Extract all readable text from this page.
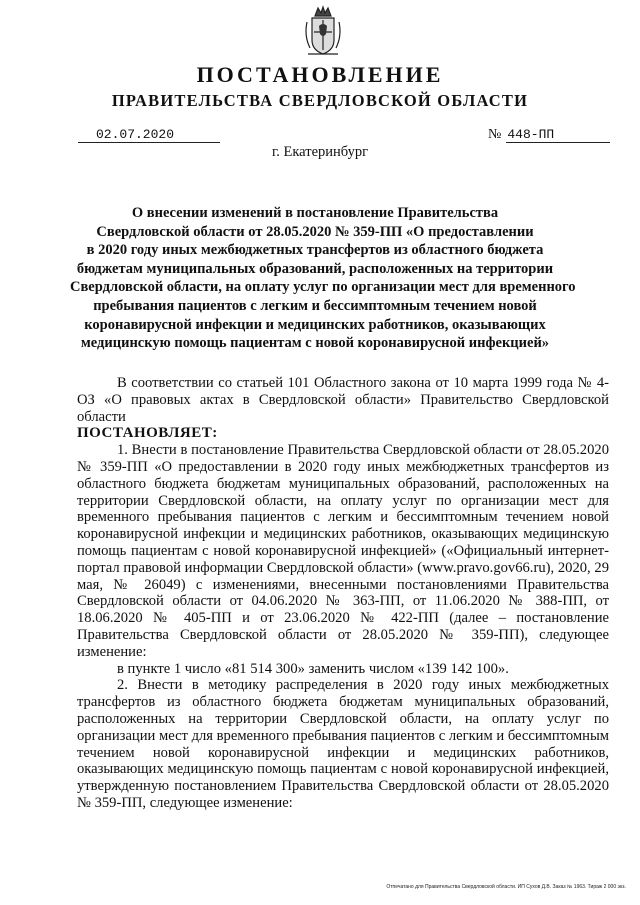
ПОСТАНОВЛЕНИЕ
ПРАВИТЕЛЬСТВА СВЕРДЛОВСКОЙ ОБЛАСТИ
02.07.2020	№ 448-ПП
г. Екатеринбург
О внесении изменений в постановление Правительства
Свердловской области от 28.05.2020 № 359-ПП «О предоставлении
в 2020 году иных межбюджетных трансфертов из областного бюджета
бюджетам муниципальных образований, расположенных на территории
Свердловской области, на оплату услуг по организации мест для временного
пребывания пациентов с легким и бессимптомным течением новой
коронавирусной инфекции и медицинских работников, оказывающих
медицинскую помощь пациентам с новой коронавирусной инфекцией»

В соответствии со статьей 101 Областного закона от 10 марта 1999 года № 4-ОЗ «О правовых актах в Свердловской области» Правительство Свердловской области

ПОСТАНОВЛЯЕТ:

1. Внести в постановление Правительства Свердловской области от 28.05.2020 № 359-ПП «О предоставлении в 2020 году иных межбюджетных трансфертов из областного бюджета бюджетам муниципальных образований, расположенных на территории Свердловской области, на оплату услуг по организации мест для временного пребывания пациентов с легким и бессимптомным течением новой коронавирусной инфекции и медицинских работников, оказывающих медицинскую помощь пациентам с новой коронавирусной инфекцией» («Официальный интернет-портал правовой информации Свердловской области» (www.pravo.gov66.ru), 2020, 29 мая, № 26049) с изменениями, внесенными постановлениями Правительства Свердловской области от 04.06.2020 № 363-ПП, от 11.06.2020 № 388-ПП, от 18.06.2020 № 405-ПП и от 23.06.2020 № 422-ПП (далее – постановление Правительства Свердловской области от 28.05.2020 № 359-ПП), следующее изменение:

в пункте 1 число «81 514 300» заменить числом «139 142 100».

2. Внести в методику распределения в 2020 году иных межбюджетных трансфертов из областного бюджета бюджетам муниципальных образований, расположенных на территории Свердловской области, на оплату услуг по организации мест для временного пребывания пациентов с легким и бессимптомным течением новой коронавирусной инфекции и медицинских работников, оказывающих медицинскую помощь пациентам с новой коронавирусной инфекцией, утвержденную постановлением Правительства Свердловской области от 28.05.2020 № 359-ПП, следующее изменение:

Отпечатано для Правительства Свердловской области. ИП Сухов Д.В. Заказ № 1963. Тираж 2 000 экз.
